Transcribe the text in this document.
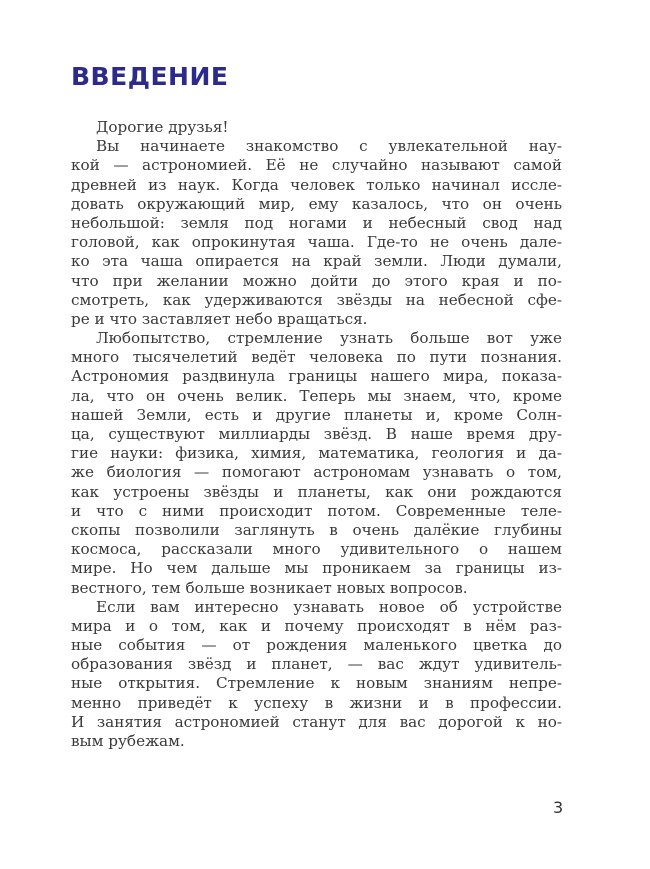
ВВЕДЕНИЕ
Дорогие друзья!
Вы начинаете знакомство с увлекательной нау-
кой — астрономией. Её не случайно называют самой
древней из наук. Когда человек только начинал иссле-
довать окружающий мир, ему казалось, что он очень
небольшой: земля под ногами и небесный свод над
головой, как опрокинутая чаша. Где-то не очень дале-
ко эта чаша опирается на край земли. Люди думали,
что при желании можно дойти до этого края и по-
смотреть, как удерживаются звёзды на небесной сфе-
ре и что заставляет небо вращаться.
Любопытство, стремление узнать больше вот уже
много тысячелетий ведёт человека по пути познания.
Астрономия раздвинула границы нашего мира, показа-
ла, что он очень велик. Теперь мы знаем, что, кроме
нашей Земли, есть и другие планеты и, кроме Солн-
ца, существуют миллиарды звёзд. В наше время дру-
гие науки: физика, химия, математика, геология и да-
же биология — помогают астрономам узнавать о том,
как устроены звёзды и планеты, как они рождаются
и что с ними происходит потом. Современные теле-
скопы позволили заглянуть в очень далёкие глубины
космоса, рассказали много удивительного о нашем
мире. Но чем дальше мы проникаем за границы из-
вестного, тем больше возникает новых вопросов.
Если вам интересно узнавать новое об устройстве
мира и о том, как и почему происходят в нём раз-
ные события — от рождения маленького цветка до
образования звёзд и планет, — вас ждут удивитель-
ные открытия. Стремление к новым знаниям непре-
менно приведёт к успеху в жизни и в профессии.
И занятия астрономией станут для вас дорогой к но-
вым рубежам.
3
